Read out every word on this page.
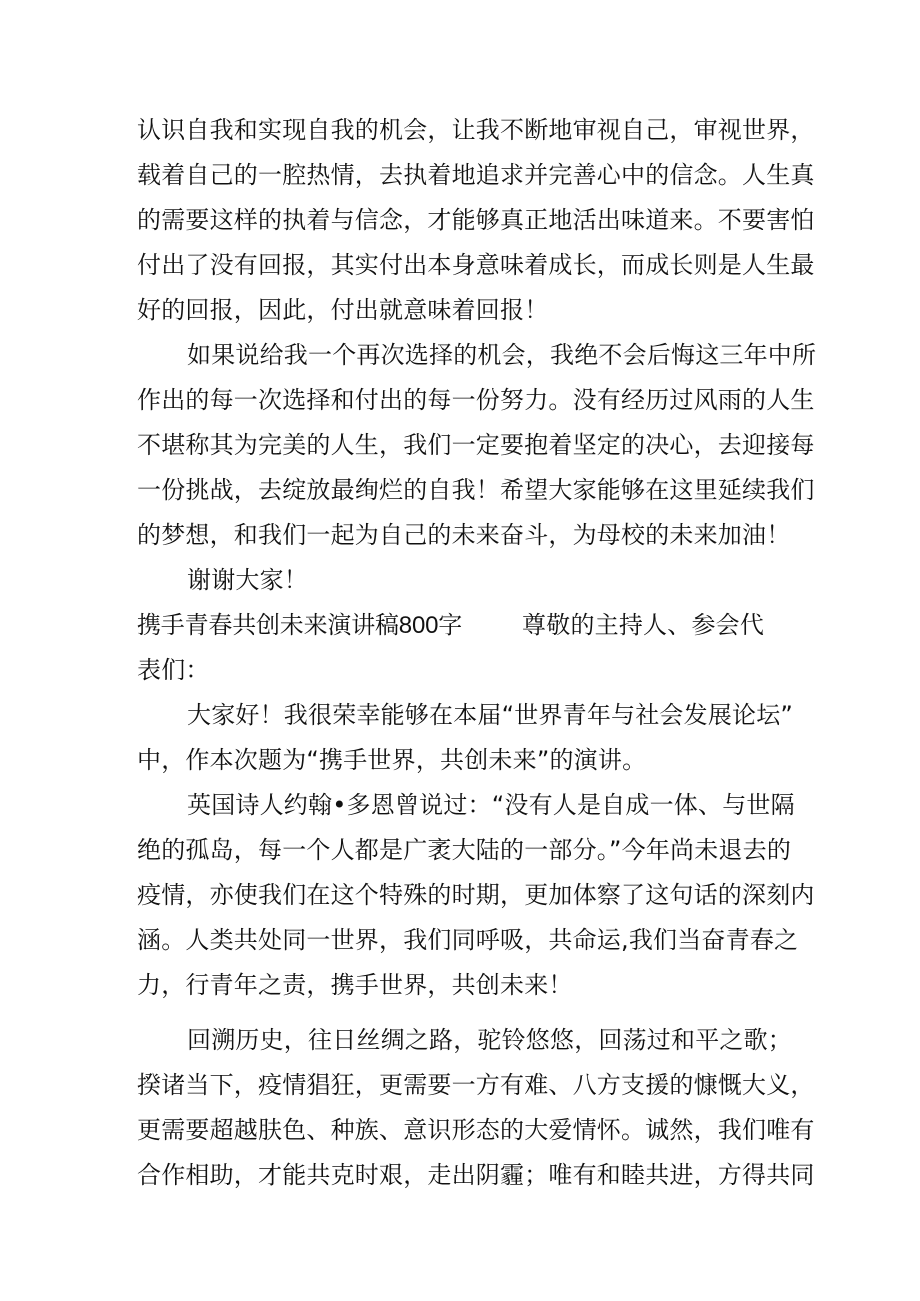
认识自我和实现自我的机会，让我不断地审视自己，审视世界，
载着自己的一腔热情，去执着地追求并完善心中的信念。人生真
的需要这样的执着与信念，才能够真正地活出味道来。不要害怕
付出了没有回报，其实付出本身意味着成长，而成长则是人生最
好的回报，因此，付出就意味着回报！
如果说给我一个再次选择的机会，我绝不会后悔这三年中所
作出的每一次选择和付出的每一份努力。没有经历过风雨的人生
不堪称其为完美的人生，我们一定要抱着坚定的决心，去迎接每
一份挑战，去绽放最绚烂的自我！希望大家能够在这里延续我们
的梦想，和我们一起为自己的未来奋斗，为母校的未来加油！
谢谢大家！
携手青春共创未来演讲稿800字	尊敬的主持人、参会代
表们：
大家好！我很荣幸能够在本届“世界青年与社会发展论坛”
中，作本次题为“携手世界，共创未来”的演讲。
英国诗人约翰•多恩曾说过：“没有人是自成一体、与世隔
绝的孤岛，每一个人都是广袤大陆的一部分。”今年尚未退去的
疫情，亦使我们在这个特殊的时期，更加体察了这句话的深刻内
涵。人类共处同一世界，我们同呼吸，共命运,我们当奋青春之
力，行青年之责，携手世界，共创未来！
回溯历史，往日丝绸之路，驼铃悠悠，回荡过和平之歌；
揆诸当下，疫情猖狂，更需要一方有难、八方支援的慷慨大义，
更需要超越肤色、种族、意识形态的大爱情怀。诚然，我们唯有
合作相助，才能共克时艰，走出阴霾；唯有和睦共进，方得共同
